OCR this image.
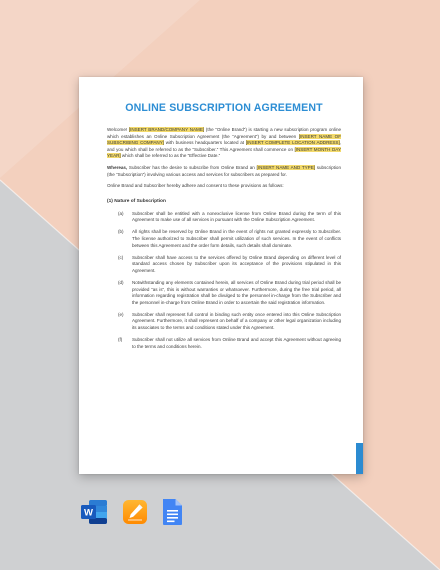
ONLINE SUBSCRIPTION AGREEMENT

Welcome! [INSERT BRAND/COMPANY NAME] (the “Online Brand”) is starting a new subscription program online which establishes an Online Subscription Agreement (the “Agreement”) by and between [INSERT NAME OF SUBSCRIBING COMPANY] with business headquarters located at [INSERT COMPLETE LOCATION ADDRESS], and you which shall be referred to as the “Subscriber.” This Agreement shall commence on [INSERT MONTH DAY YEAR] which shall be referred to as the “Effective Date.”

Whereas, Subscriber has the desire to subscribe from Online Brand an [INSERT NAME AND TYPE] subscription (the “Subscription”) involving various access and services for subscribers as prepared for.

Online Brand and Subscriber hereby adhere and consent to these provisions as follows:

(1) Nature of Subscription
(a) Subscriber shall be entitled with a nonexclusive license from Online Brand during the term of this Agreement to make use of all services in pursuant with the Online Subscription Agreement.
(b) All rights shall be reserved by Online Brand in the event of rights not granted expressly to Subscriber. The license authorized to Subscriber shall permit utilization of such services. In the event of conflicts between this Agreement and the order form details, such details shall dominate.
(c) Subscriber shall have access to the services offered by Online Brand depending on different level of standard access chosen by Subscriber upon its acceptance of the provisions stipulated in this Agreement.
(d) Notwithstanding any elements contained herein, all services of Online Brand during trial period shall be provided “as is”, this is without warranties or whatsoever. Furthermore, during the free trial period, all information regarding registration shall be divulged to the personnel in-charge from the Subscriber and the personnel in-charge from Online Brand in order to ascertain the said registration information.
(e) Subscriber shall represent full control in binding such entity once entered into this Online Subscription Agreement. Furthermore, it shall represent on behalf of a company or other legal organization including its associates to the terms and conditions stated under this Agreement.
(f) Subscriber shall not utilize all services from Online Brand and accept this Agreement without agreeing to the terms and conditions herein.
W
